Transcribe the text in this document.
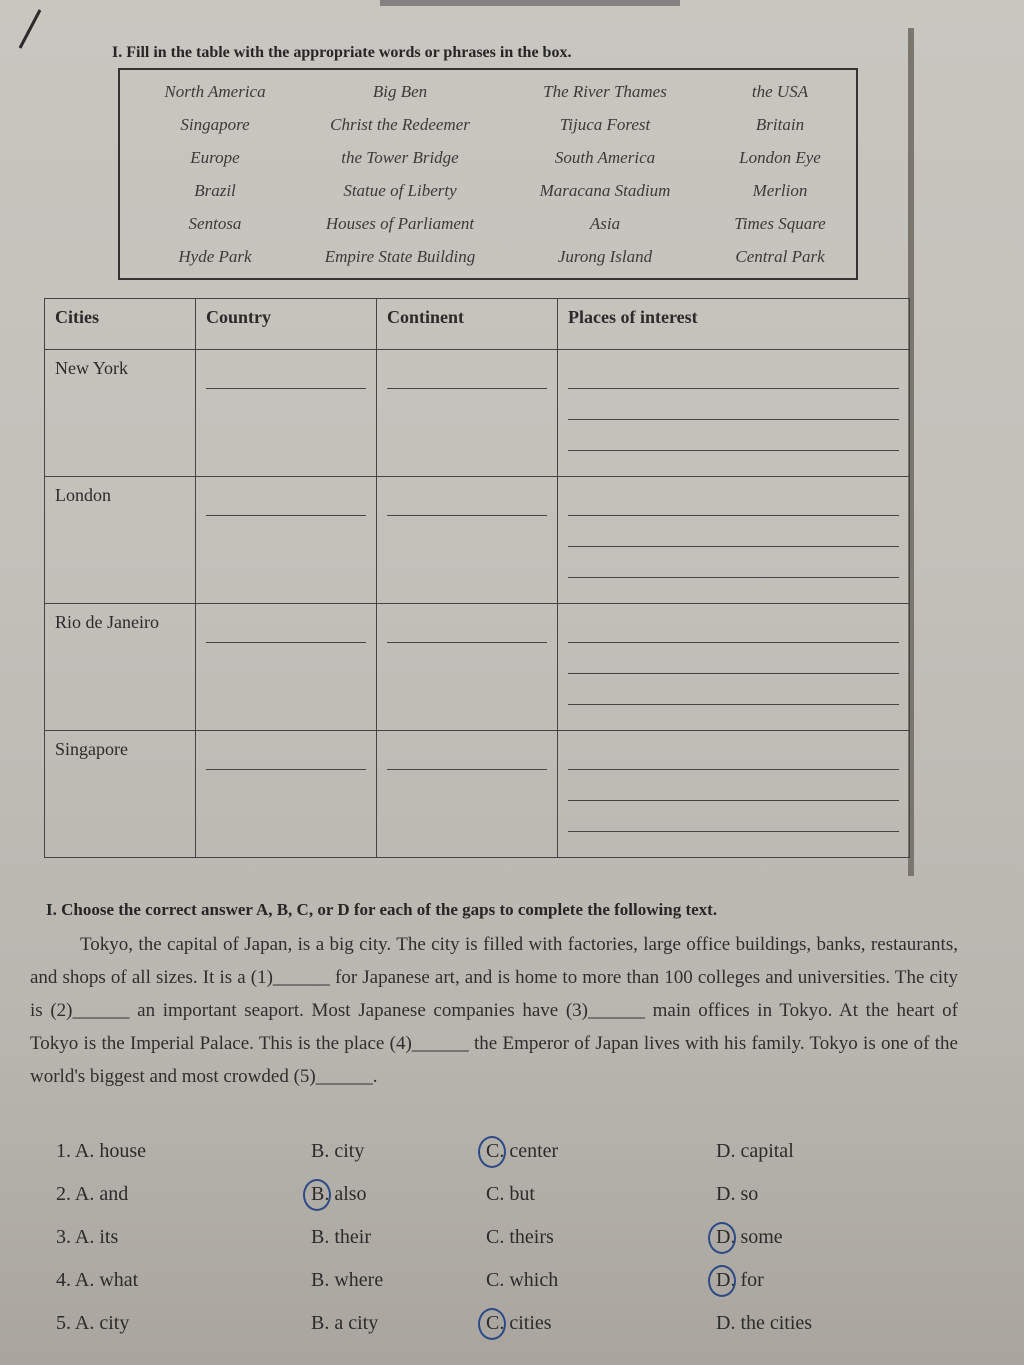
I. Fill in the table with the appropriate words or phrases in the box.
North America	Big Ben	The River Thames	the USA
Singapore	Christ the Redeemer	Tijuca Forest	Britain
Europe	the Tower Bridge	South America	London Eye
Brazil	Statue of Liberty	Maracana Stadium	Merlion
Sentosa	Houses of Parliament	Asia	Times Square
Hyde Park	Empire State Building	Jurong Island	Central Park
Cities	Country	Continent	Places of interest
New York	

London	

Rio de Janeiro	

Singapore	

I. Choose the correct answer A, B, C, or D for each of the gaps to complete the following text.
Tokyo, the capital of Japan, is a big city. The city is filled with factories, large office buildings, banks, restaurants, and shops of all sizes. It is a (1)______ for Japanese art, and is home to more than 100 colleges and universities. The city is (2)______ an important seaport. Most Japanese companies have (3)______ main offices in Tokyo. At the heart of Tokyo is the Imperial Palace. This is the place (4)______ the Emperor of Japan lives with his family. Tokyo is one of the world's biggest and most crowded (5)______.
1. A. house	B. city	C. center	D. capital
2. A. and	B. also	C. but	D. so
3. A. its	B. their	C. theirs	D. some
4. A. what	B. where	C. which	D. for
5. A. city	B. a city	C. cities	D. the cities
